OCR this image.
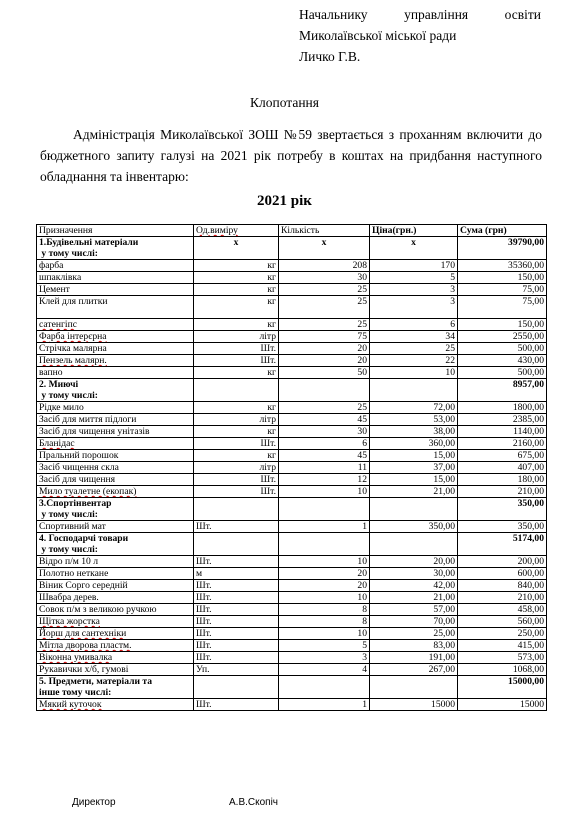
Начальнику управління освіти
Миколаївської міської ради
Личко Г.В.
Клопотання
Адміністрація Миколаївської ЗОШ №59 звертається з проханням включити до бюджетного запиту галузі на 2021 рік потребу в коштах на придбання наступного обладнання та інвентарю:
2021 рік
Призначення	Од.виміру	Кількість	Ціна(грн.)	Сума (грн)

1.Будівельні матеріали
у тому числі:	х	х	х	39790,00
фарба	кг	208	170	35360,00
шпаклівка	кг	30	5	150,00
Цемент	кг	25	3	75,00
Клей для плитки	кг	25	3	75,00
сатенгіпс	кг	25	6	150,00
Фарба інтерєрна	літр	75	34	2550,00
Стрічка малярна	Шт.	20	25	500,00
Пензель малярн.	Шт.	20	22	430,00
вапно	кг	50	10	500,00

2. Миючі
у тому числі:				8957,00
Рідке мило	кг	25	72,00	1800,00
Засіб для миття підлоги	літр	45	53,00	2385,00
Засіб для чищення унітазів	кг	30	38,00	1140,00
Бланідас	Шт.	6	360,00	2160,00
Пральний порошок	кг	45	15,00	675,00
Засіб чищення скла	літр	11	37,00	407,00
Засіб для чищення	Шт.	12	15,00	180,00
Мило туалетне (екопак)	Шт.	10	21,00	210,00

3.Спортінвентар
у тому числі:				350,00
Спортивний мат	Шт.	1	350,00	350,00

4. Господарчі товари
у тому числі:				5174,00
Відро п/м 10 л	Шт.	10	20,00	200,00
Полотно неткане	м	20	30,00	600,00
Віник Сорго середній	Шт.	20	42,00	840,00
Швабра дерев.	Шт.	10	21,00	210,00
Совок п/м з великою ручкою	Шт.	8	57,00	458,00
Щітка жорстка	Шт.	8	70,00	560,00
Йорш для сантехніки	Шт.	10	25,00	250,00
Мітла дворова пластм.	Шт.	5	83,00	415,00
Віконна умивалка	Шт.	3	191,00	573,00
Рукавички х/б, гумові	Уп.	4	267,00	1068,00

5. Предмети, матеріали та
інше тому числі:				15000,00
Мякий куточок	Шт.	1	15000	15000
Директор	А.В.Скопіч
